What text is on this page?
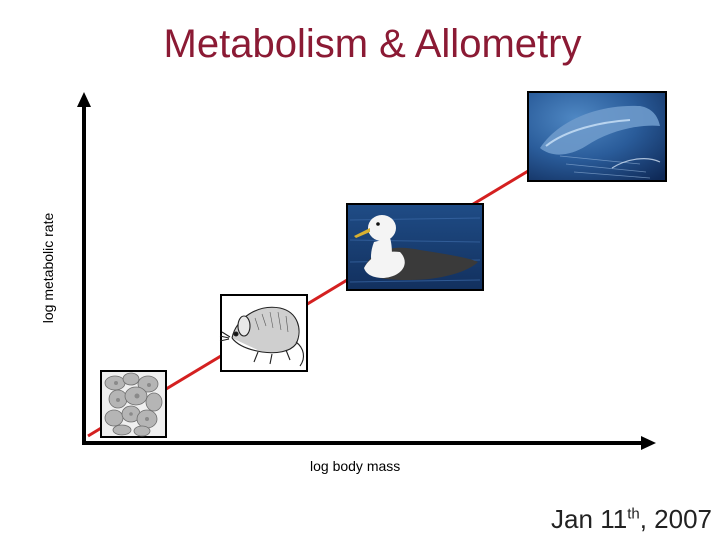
Metabolism & Allometry
log metabolic rate
log body mass
Jan 11th, 2007
